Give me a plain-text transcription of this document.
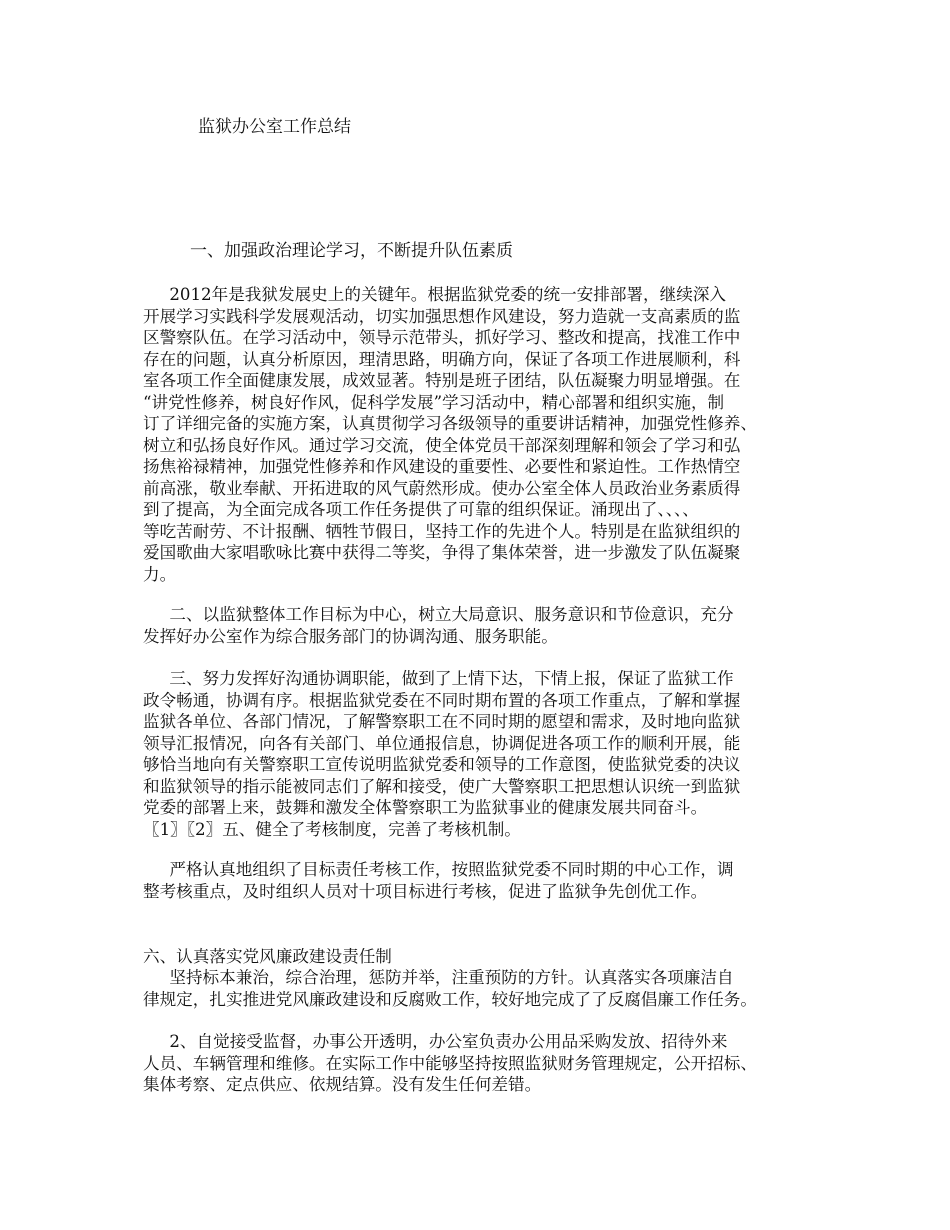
监狱办公室工作总结
一、加强政治理论学习，不断提升队伍素质
2012年是我狱发展史上的关键年。根据监狱党委的统一安排部署，继续深入
开展学习实践科学发展观活动，切实加强思想作风建设，努力造就一支高素质的监
区警察队伍。在学习活动中，领导示范带头，抓好学习、整改和提高，找准工作中
存在的问题，认真分析原因，理清思路，明确方向，保证了各项工作进展顺利，科
室各项工作全面健康发展，成效显著。特别是班子团结，队伍凝聚力明显增强。在
“讲党性修养，树良好作风，促科学发展”学习活动中，精心部署和组织实施，制
订了详细完备的实施方案，认真贯彻学习各级领导的重要讲话精神，加强党性修养、
树立和弘扬良好作风。通过学习交流，使全体党员干部深刻理解和领会了学习和弘
扬焦裕禄精神，加强党性修养和作风建设的重要性、必要性和紧迫性。工作热情空
前高涨，敬业奉献、开拓进取的风气蔚然形成。使办公室全体人员政治业务素质得
到了提高，为全面完成各项工作任务提供了可靠的组织保证。涌现出了、、、、
等吃苦耐劳、不计报酬、牺牲节假日，坚持工作的先进个人。特别是在监狱组织的
爱国歌曲大家唱歌咏比赛中获得二等奖，争得了集体荣誉，进一步激发了队伍凝聚
力。
二、以监狱整体工作目标为中心，树立大局意识、服务意识和节俭意识，充分
发挥好办公室作为综合服务部门的协调沟通、服务职能。
三、努力发挥好沟通协调职能，做到了上情下达，下情上报，保证了监狱工作
政令畅通，协调有序。根据监狱党委在不同时期布置的各项工作重点，了解和掌握
监狱各单位、各部门情况，了解警察职工在不同时期的愿望和需求，及时地向监狱
领导汇报情况，向各有关部门、单位通报信息，协调促进各项工作的顺利开展，能
够恰当地向有关警察职工宣传说明监狱党委和领导的工作意图，使监狱党委的决议
和监狱领导的指示能被同志们了解和接受，使广大警察职工把思想认识统一到监狱
党委的部署上来，鼓舞和激发全体警察职工为监狱事业的健康发展共同奋斗。
〖1〗〖2〗五、健全了考核制度，完善了考核机制。
严格认真地组织了目标责任考核工作，按照监狱党委不同时期的中心工作，调
整考核重点，及时组织人员对十项目标进行考核，促进了监狱争先创优工作。

六、认真落实党风廉政建设责任制

坚持标本兼治，综合治理，惩防并举，注重预防的方针。认真落实各项廉洁自
律规定，扎实推进党风廉政建设和反腐败工作，较好地完成了了反腐倡廉工作任务。
2、自觉接受监督，办事公开透明，办公室负责办公用品采购发放、招待外来
人员、车辆管理和维修。在实际工作中能够坚持按照监狱财务管理规定，公开招标、
集体考察、定点供应、依规结算。没有发生任何差错。
